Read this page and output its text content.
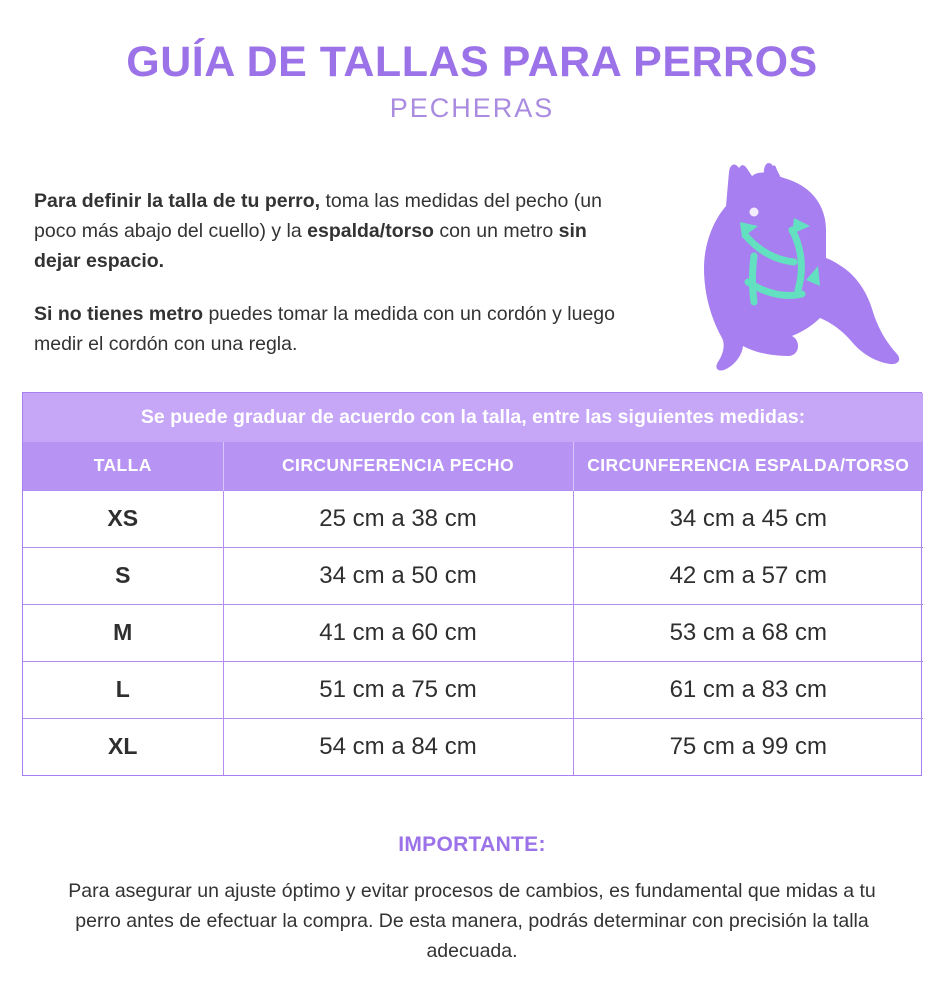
GUÍA DE TALLAS PARA PERROS
PECHERAS

Para definir la talla de tu perro, toma las medidas del pecho (un poco más abajo del cuello) y la espalda/torso con un metro sin dejar espacio.

Si no tienes metro puedes tomar la medida con un cordón y luego medir el cordón con una regla.

Se puede graduar de acuerdo con la talla, entre las siguientes medidas:		
TALLA	CIRCUNFERENCIA PECHO	CIRCUNFERENCIA ESPALDA/TORSO
XS	25 cm a 38 cm	34 cm a 45 cm
S	34 cm a 50 cm	42 cm a 57 cm
M	41 cm a 60 cm	53 cm a 68 cm
L	51 cm a 75 cm	61 cm a 83 cm
XL	54 cm a 84 cm	75 cm a 99 cm
IMPORTANTE:
Para asegurar un ajuste óptimo y evitar procesos de cambios, es fundamental que midas a tu perro antes de efectuar la compra. De esta manera, podrás determinar con precisión la talla adecuada.
